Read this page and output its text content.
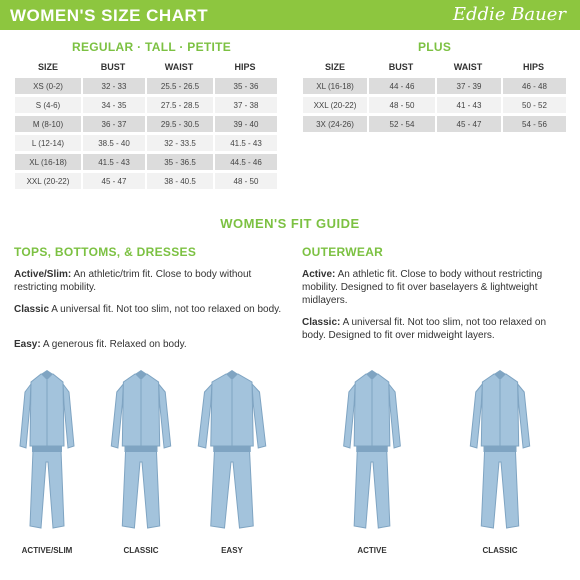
WOMEN'S SIZE CHART	Eddie Bauer
REGULAR · TALL · PETITE
SIZE	BUST	WAIST	HIPS
XS (0-2)	32 - 33	25.5 - 26.5	35 - 36
S (4-6)	34 - 35	27.5 - 28.5	37 - 38
M (8-10)	36 - 37	29.5 - 30.5	39 - 40
L (12-14)	38.5 - 40	32 - 33.5	41.5 - 43
XL (16-18)	41.5 - 43	35 - 36.5	44.5 - 46
XXL (20-22)	45 - 47	38 - 40.5	48 - 50
PLUS
SIZE	BUST	WAIST	HIPS
XL (16-18)	44 - 46	37 - 39	46 - 48
XXL (20-22)	48 - 50	41 - 43	50 - 52
3X (24-26)	52 - 54	45 - 47	54 - 56
WOMEN'S FIT GUIDE
TOPS, BOTTOMS, & DRESSES	OUTERWEAR
Active/Slim: An athletic/trim fit. Close to body without restricting mobility.
Classic A universal fit. Not too slim, not too relaxed on body.
Easy: A generous fit. Relaxed on body.
Active: An athletic fit. Close to body without restricting mobility. Designed to fit over baselayers & lightweight midlayers.
Classic: A universal fit. Not too slim, not too relaxed on body. Designed to fit over midweight layers.
ACTIVE/SLIM	CLASSIC	EASY	ACTIVE	CLASSIC
